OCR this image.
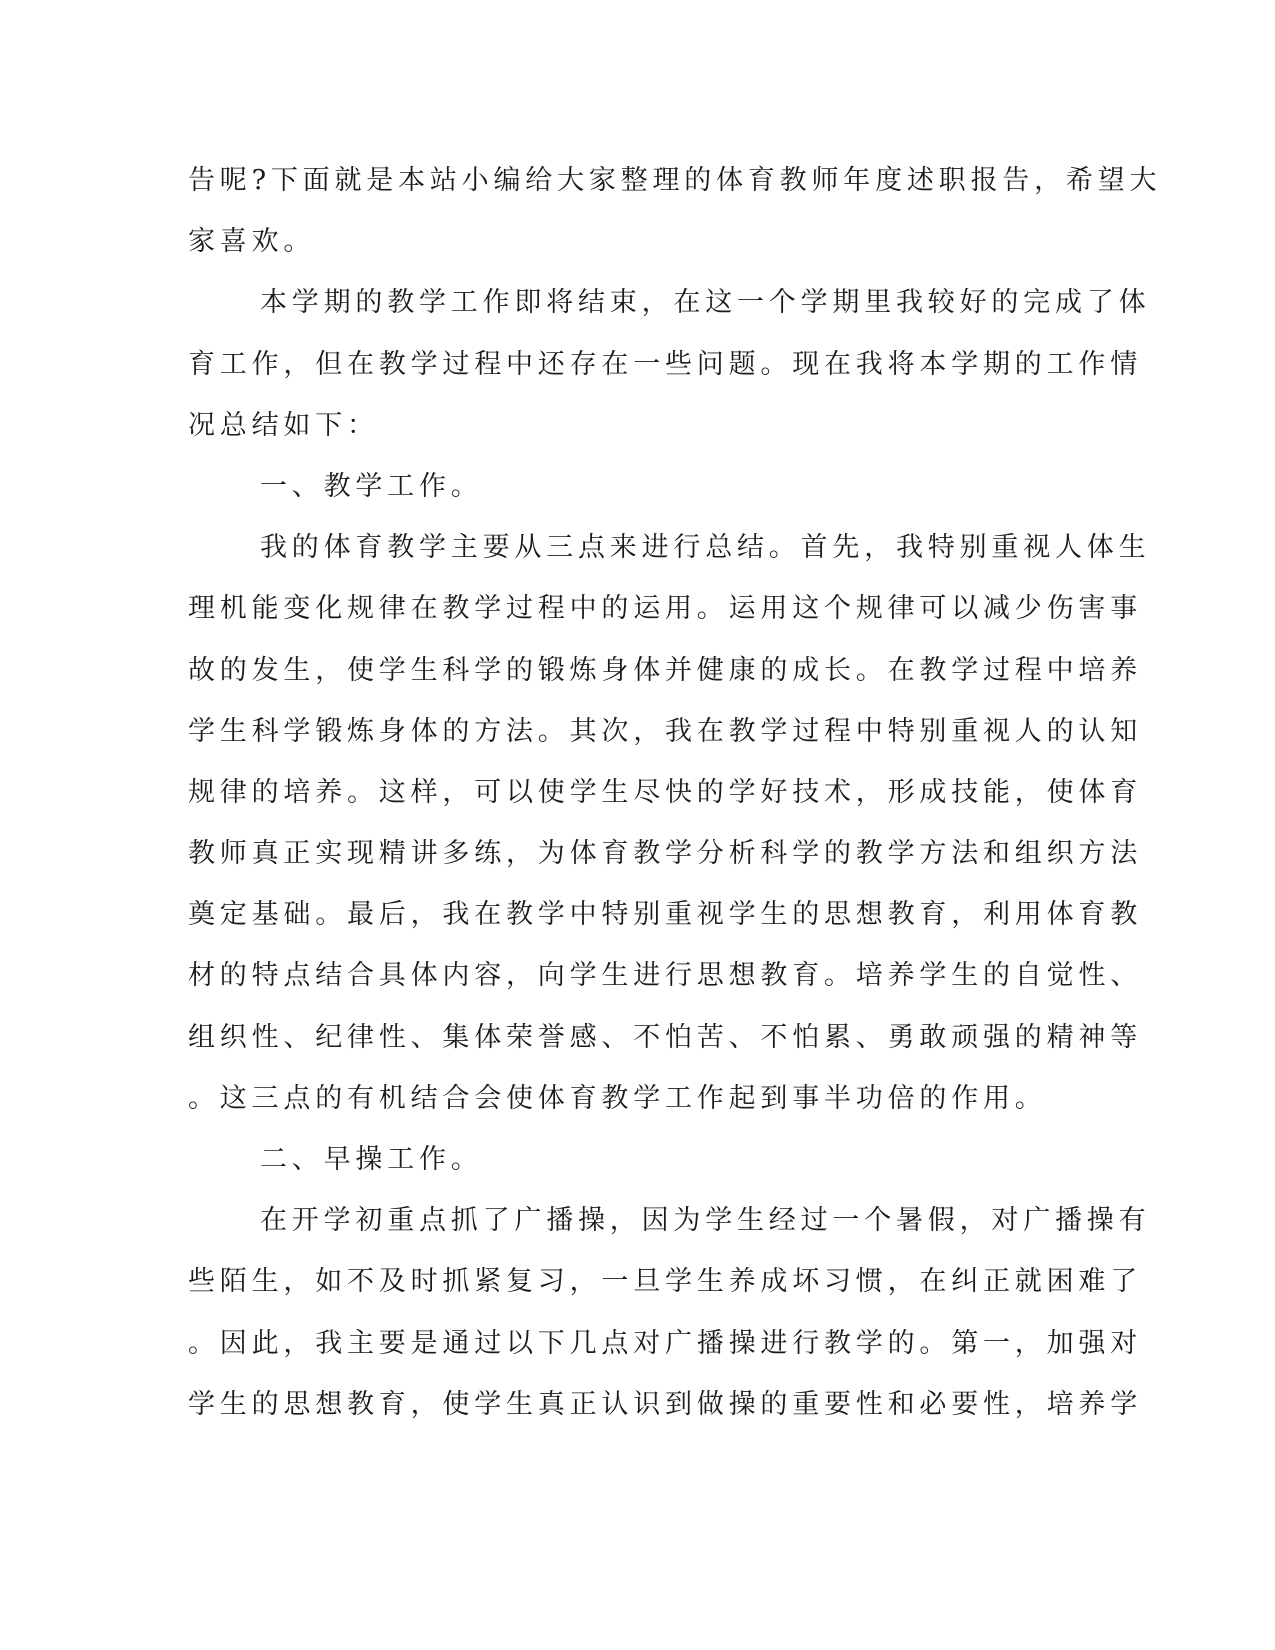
告呢?下面就是本站小编给大家整理的体育教师年度述职报告，希望大
家喜欢。
本学期的教学工作即将结束，在这一个学期里我较好的完成了体
育工作，但在教学过程中还存在一些问题。现在我将本学期的工作情
况总结如下：
一、教学工作。
我的体育教学主要从三点来进行总结。首先，我特别重视人体生
理机能变化规律在教学过程中的运用。运用这个规律可以减少伤害事
故的发生，使学生科学的锻炼身体并健康的成长。在教学过程中培养
学生科学锻炼身体的方法。其次，我在教学过程中特别重视人的认知
规律的培养。这样，可以使学生尽快的学好技术，形成技能，使体育
教师真正实现精讲多练，为体育教学分析科学的教学方法和组织方法
奠定基础。最后，我在教学中特别重视学生的思想教育，利用体育教
材的特点结合具体内容，向学生进行思想教育。培养学生的自觉性、
组织性、纪律性、集体荣誉感、不怕苦、不怕累、勇敢顽强的精神等
。这三点的有机结合会使体育教学工作起到事半功倍的作用。
二、早操工作。
在开学初重点抓了广播操，因为学生经过一个暑假，对广播操有
些陌生，如不及时抓紧复习，一旦学生养成坏习惯，在纠正就困难了
。因此，我主要是通过以下几点对广播操进行教学的。第一，加强对
学生的思想教育，使学生真正认识到做操的重要性和必要性，培养学
